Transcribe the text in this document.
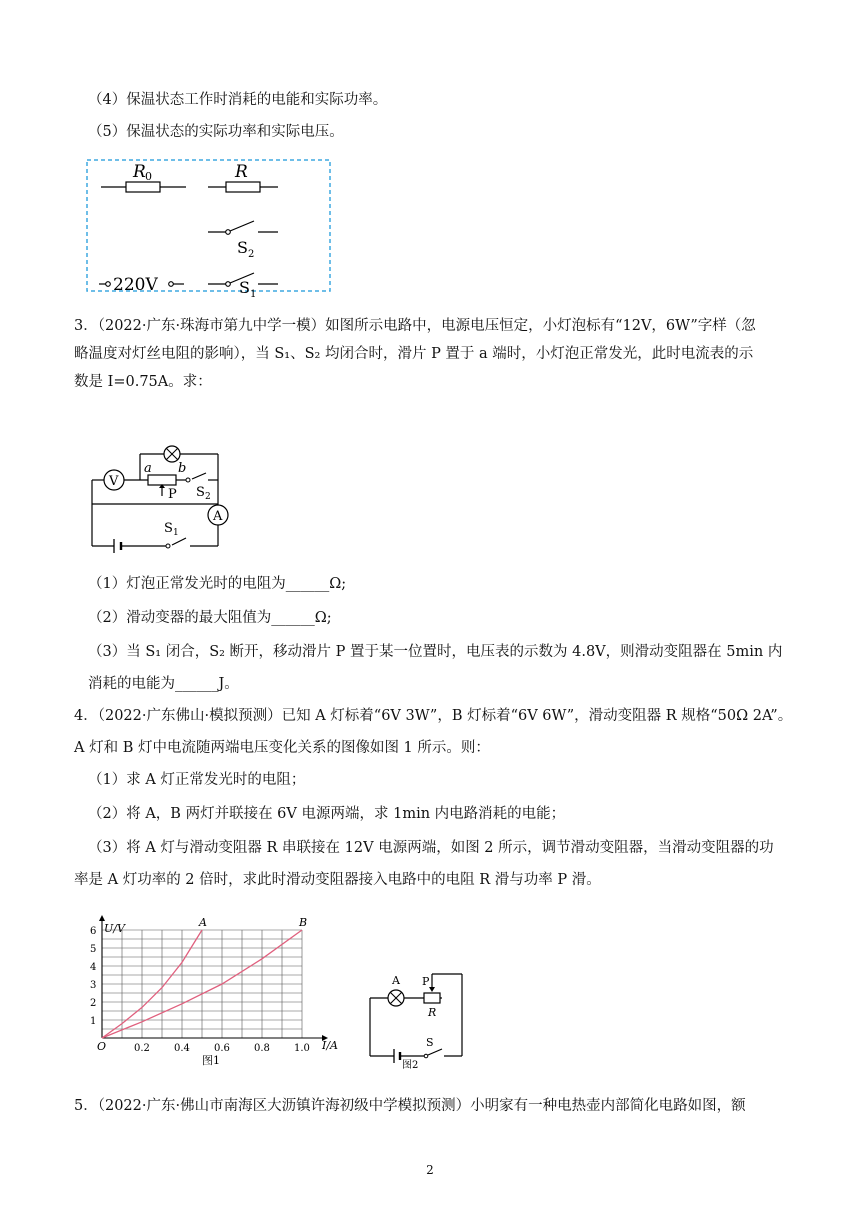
（4）保温状态工作时消耗的电能和实际功率。
（5）保温状态的实际功率和实际电压。
R 0	R
S 2
220V	S 1
3．（2022·广东·珠海市第九中学一模）如图所示电路中，电源电压恒定，小灯泡标有“12V，6W”字样（忽
略温度对灯丝电阻的影响），当 S₁、S₂ 均闭合时，滑片 P 置于 a 端时，小灯泡正常发光，此时电流表的示
数是 I=0.75A。求：
V
A
a b
P S 2
S 1
（1）灯泡正常发光时的电阻为______Ω;
（2）滑动变器的最大阻值为______Ω;
（3）当 S₁ 闭合，S₂ 断开，移动滑片 P 置于某一位置时，电压表的示数为 4.8V，则滑动变阻器在 5min 内
消耗的电能为______J。
4．（2022·广东佛山·模拟预测）已知 A 灯标着“6V 3W”，B 灯标着“6V 6W”，滑动变阻器 R 规格“50Ω 2A”。
A 灯和 B 灯中电流随两端电压变化关系的图像如图 1 所示。则：
（1）求 A 灯正常发光时的电阻；
（2）将 A，B 两灯并联接在 6V 电源两端，求 1min 内电路消耗的电能；
（3）将 A 灯与滑动变阻器 R 串联接在 12V 电源两端，如图 2 所示，调节滑动变阻器，当滑动变阻器的功
率是 A 灯功率的 2 倍时，求此时滑动变阻器接入电路中的电阻 R 滑与功率 P 滑。
0.2 0.4 0.6 0.8 1.0
1
2
3
4
5
6
A	B
U/V
I/A
O
图1
A P
R
S
图2
5．（2022·广东·佛山市南海区大沥镇许海初级中学模拟预测）小明家有一种电热壶内部简化电路如图，额
2
